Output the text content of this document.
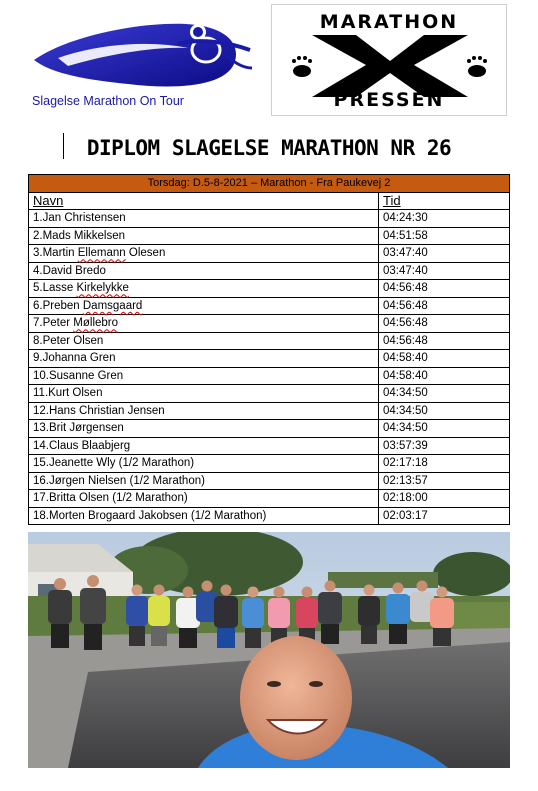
Slagelse Marathon On Tour
MARATHON
PRESSEN
DIPLOM SLAGELSE MARATHON NR 26
Torsdag: D.5-8-2021 – Marathon - Fra Paukevej 2	
Navn	Tid
1.Jan Christensen	04:24:30
2.Mads Mikkelsen	04:51:58
3.Martin Ellemann Olesen	03:47:40
4.David Bredo	03:47:40
5.Lasse Kirkelykke	04:56:48
6.Preben Damsgaard	04:56:48
7.Peter Møllebro	04:56:48
8.Peter Olsen	04:56:48
9.Johanna Gren	04:58:40
10.Susanne Gren	04:58:40
11.Kurt Olsen	04:34:50
12.Hans Christian Jensen	04:34:50
13.Brit Jørgensen	04:34:50
14.Claus Blaabjerg	03:57:39
15.Jeanette Wly (1/2 Marathon)	02:17:18
16.Jørgen Nielsen (1/2 Marathon)	02:13:57
17.Britta Olsen (1/2 Marathon)	02:18:00
18.Morten Brogaard Jakobsen (1/2 Marathon)	02:03:17
